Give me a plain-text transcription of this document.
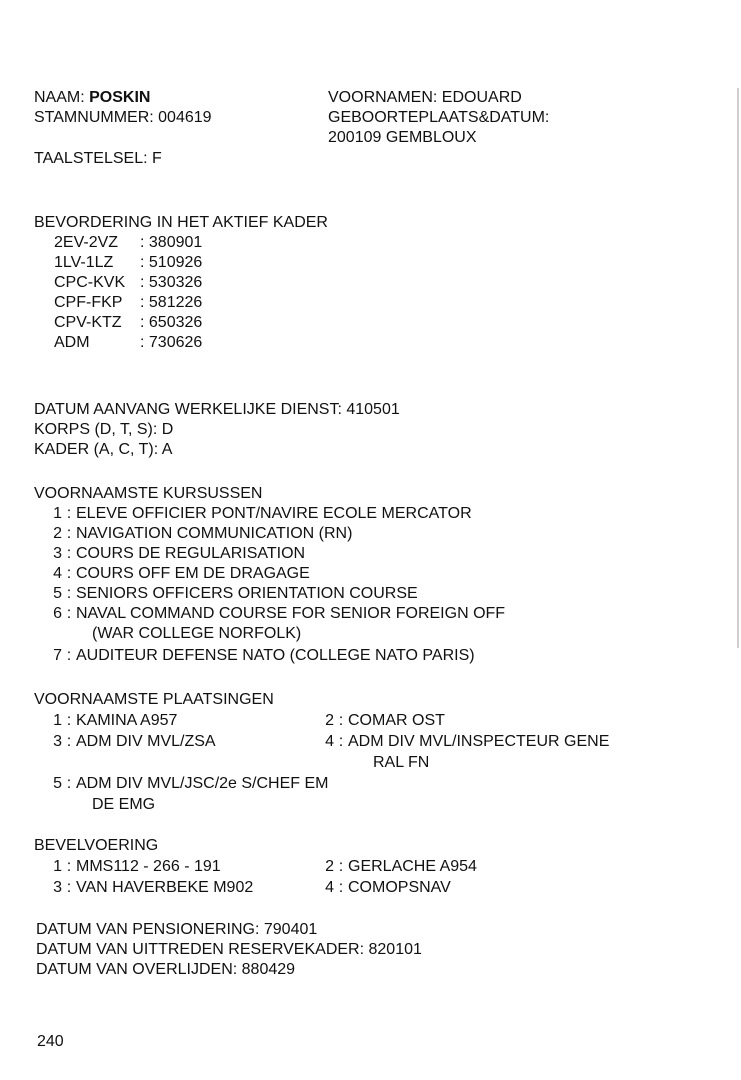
NAAM: POSKIN
STAMNUMMER: 004619
TAALSTELSEL: F
VOORNAMEN: EDOUARD
GEBOORTEPLAATS&DATUM:
200109 GEMBLOUX
BEVORDERING IN HET AKTIEF KADER
2EV-2VZ : 380901
1LV-1LZ : 510926
CPC-KVK : 530326
CPF-FKP : 581226
CPV-KTZ : 650326
ADM	: 730626
DATUM AANVANG WERKELIJKE DIENST: 410501
KORPS (D, T, S): D
KADER (A, C, T): A
VOORNAAMSTE KURSUSSEN
1 : ELEVE OFFICIER PONT/NAVIRE ECOLE MERCATOR
2 : NAVIGATION COMMUNICATION (RN)
3 : COURS DE REGULARISATION
4 : COURS OFF EM DE DRAGAGE
5 : SENIORS OFFICERS ORIENTATION COURSE
6 : NAVAL COMMAND COURSE FOR SENIOR FOREIGN OFF
(WAR COLLEGE NORFOLK)
7 : AUDITEUR DEFENSE NATO (COLLEGE NATO PARIS)
VOORNAAMSTE PLAATSINGEN
1 : KAMINA A957	2 : COMAR OST
3 : ADM DIV MVL/ZSA	4 : ADM DIV MVL/INSPECTEUR GENE
RAL FN
5 : ADM DIV MVL/JSC/2e S/CHEF EM
DE EMG
BEVELVOERING
1 : MMS112 - 266 - 191	2 : GERLACHE A954
3 : VAN HAVERBEKE M902	4 : COMOPSNAV
DATUM VAN PENSIONERING: 790401
DATUM VAN UITTREDEN RESERVEKADER: 820101
DATUM VAN OVERLIJDEN: 880429
240
